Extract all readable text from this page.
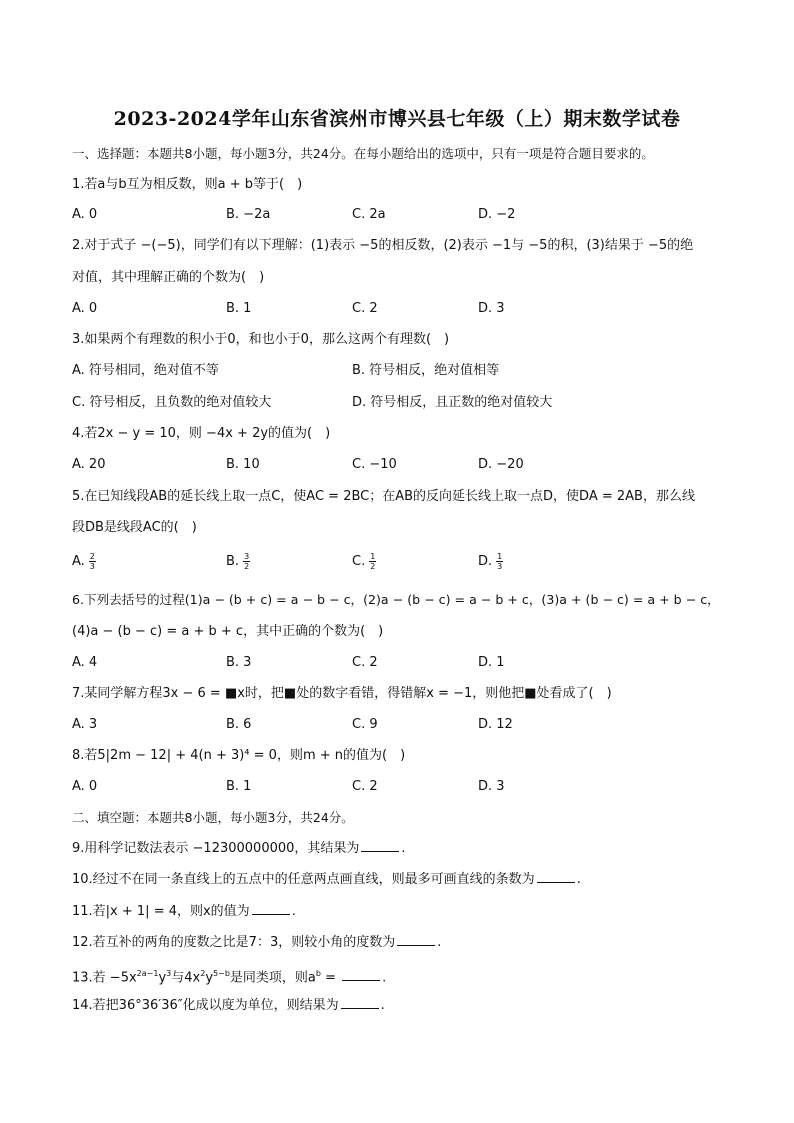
2023-2024学年山东省滨州市博兴县七年级（上）期末数学试卷
一、选择题：本题共8小题，每小题3分，共24分。在每小题给出的选项中，只有一项是符合题目要求的。
1.若a与b互为相反数，则a + b等于(　)
A. 0	B. −2a	C. 2a	D. −2
2.对于式子 −(−5)，同学们有以下理解：(1)表示 −5的相反数，(2)表示 −1与 −5的积，(3)结果于 −5的绝
对值，其中理解正确的个数为(　)
A. 0	B. 1	C. 2	D. 3
3.如果两个有理数的积小于0，和也小于0，那么这两个有理数(　)
A. 符号相同，绝对值不等	B. 符号相反，绝对值相等
C. 符号相反，且负数的绝对值较大	D. 符号相反，且正数的绝对值较大
4.若2x − y = 10，则 −4x + 2y的值为(　)
A. 20	B. 10	C. −10	D. −20
5.在已知线段AB的延长线上取一点C，使AC = 2BC；在AB的反向延长线上取一点D，使DA = 2AB，那么线
段DB是线段AC的(　)
A. $\frac{2}{3}$	B. $\frac{3}{2}$	C. $\frac{1}{2}$	D. $\frac{1}{3}$
6.下列去括号的过程(1)a − (b + c) = a − b − c，(2)a − (b − c) = a − b + c，(3)a + (b − c) = a + b − c，
(4)a − (b − c) = a + b + c，其中正确的个数为(　)
A. 4	B. 3	C. 2	D. 1
7.某同学解方程3x − 6 = ■x时，把■处的数字看错，得错解x = −1，则他把■处看成了(　)
A. 3	B. 6	C. 9	D. 12
8.若5|2m − 12| + 4(n + 3)⁴ = 0，则m + n的值为(　)
A. 0	B. 1	C. 2	D. 3
二、填空题：本题共8小题，每小题3分，共24分。
9.用科学记数法表示 −12300000000，其结果为	.
10.经过不在同一条直线上的五点中的任意两点画直线，则最多可画直线的条数为	.
11.若|x + 1| = 4，则x的值为	.
12.若互补的两角的度数之比是7：3，则较小角的度数为	.
13.若 $-5x^{2a-1}y^3$与$4x^2y^{5-b}$是同类项，则$a^b$ =	.
14.若把36°36′36″化成以度为单位，则结果为	.
